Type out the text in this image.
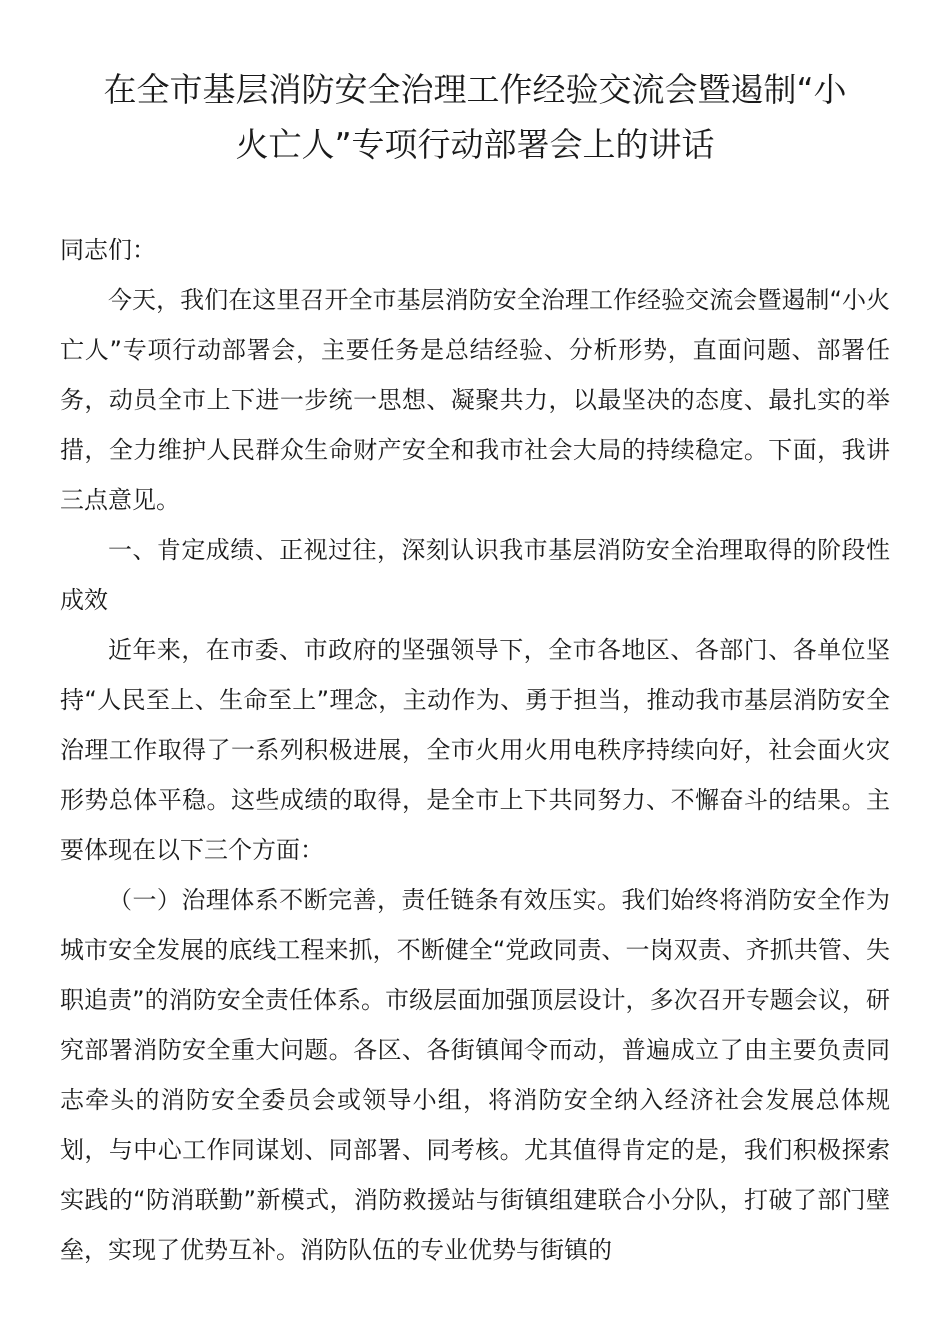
在全市基层消防安全治理工作经验交流会暨遏制“小
火亡人”专项行动部署会上的讲话

同志们：

今天，我们在这里召开全市基层消防安全治理工作经验交流会暨遏制“小火亡人”专项行动部署会，主要任务是总结经验、分析形势，直面问题、部署任务，动员全市上下进一步统一思想、凝聚共力，以最坚决的态度、最扎实的举措，全力维护人民群众生命财产安全和我市社会大局的持续稳定。下面，我讲三点意见。

一、肯定成绩、正视过往，深刻认识我市基层消防安全治理取得的阶段性成效

近年来，在市委、市政府的坚强领导下，全市各地区、各部门、各单位坚持“人民至上、生命至上”理念，主动作为、勇于担当，推动我市基层消防安全治理工作取得了一系列积极进展，全市火用火用电秩序持续向好，社会面火灾形势总体平稳。这些成绩的取得，是全市上下共同努力、不懈奋斗的结果。主要体现在以下三个方面：

（一）治理体系不断完善，责任链条有效压实。我们始终将消防安全作为城市安全发展的底线工程来抓，不断健全“党政同责、一岗双责、齐抓共管、失职追责”的消防安全责任体系。市级层面加强顶层设计，多次召开专题会议，研究部署消防安全重大问题。各区、各街镇闻令而动，普遍成立了由主要负责同志牵头的消防安全委员会或领导小组，将消防安全纳入经济社会发展总体规划，与中心工作同谋划、同部署、同考核。尤其值得肯定的是，我们积极探索实践的“防消联勤”新模式，消防救援站与街镇组建联合小分队，打破了部门壁垒，实现了优势互补。消防队伍的专业优势与街镇的
